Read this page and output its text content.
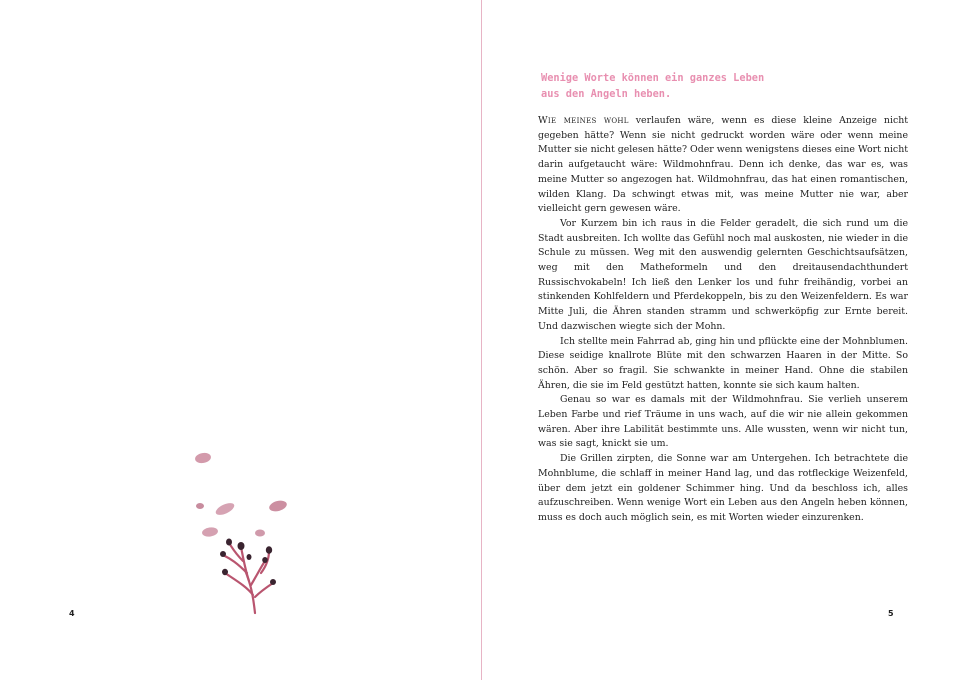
4
Wenige Worte können ein ganzes Leben
aus den Angeln heben.

Wie meines wohl verlaufen wäre, wenn es diese kleine Anzeige nicht gegeben hätte? Wenn sie nicht gedruckt worden wäre oder wenn meine Mutter sie nicht gelesen hätte? Oder wenn wenigstens dieses eine Wort nicht darin aufgetaucht wäre: Wildmohnfrau. Denn ich denke, das war es, was meine Mutter so angezogen hat. Wildmohnfrau, das hat einen romantischen, wilden Klang. Da schwingt etwas mit, was meine Mutter nie war, aber vielleicht gern gewesen wäre.

Vor Kurzem bin ich raus in die Felder geradelt, die sich rund um die Stadt ausbreiten. Ich wollte das Gefühl noch mal auskosten, nie wieder in die Schule zu müssen. Weg mit den auswendig gelernten Geschichtsaufsätzen, weg mit den Matheformeln und den dreitausendachthundert Russischvokabeln! Ich ließ den Lenker los und fuhr freihändig, vorbei an stinkenden Kohlfeldern und Pferdekoppeln, bis zu den Weizenfeldern. Es war Mitte Juli, die Ähren standen stramm und schwerköpfig zur Ernte bereit. Und dazwischen wiegte sich der Mohn.

Ich stellte mein Fahrrad ab, ging hin und pflückte eine der Mohnblumen. Diese seidige knallrote Blüte mit den schwarzen Haaren in der Mitte. So schön. Aber so fragil. Sie schwankte in meiner Hand. Ohne die stabilen Ähren, die sie im Feld gestützt hatten, konnte sie sich kaum halten.

Genau so war es damals mit der Wildmohnfrau. Sie verlieh unserem Leben Farbe und rief Träume in uns wach, auf die wir nie allein gekommen wären. Aber ihre Labilität bestimmte uns. Alle wussten, wenn wir nicht tun, was sie sagt, knickt sie um.

Die Grillen zirpten, die Sonne war am Untergehen. Ich betrachtete die Mohnblume, die schlaff in meiner Hand lag, und das rotfleckige Weizenfeld, über dem jetzt ein goldener Schimmer hing. Und da beschloss ich, alles aufzuschreiben. Wenn wenige Wort ein Leben aus den Angeln heben können, muss es doch auch möglich sein, es mit Worten wieder einzurenken.

5
